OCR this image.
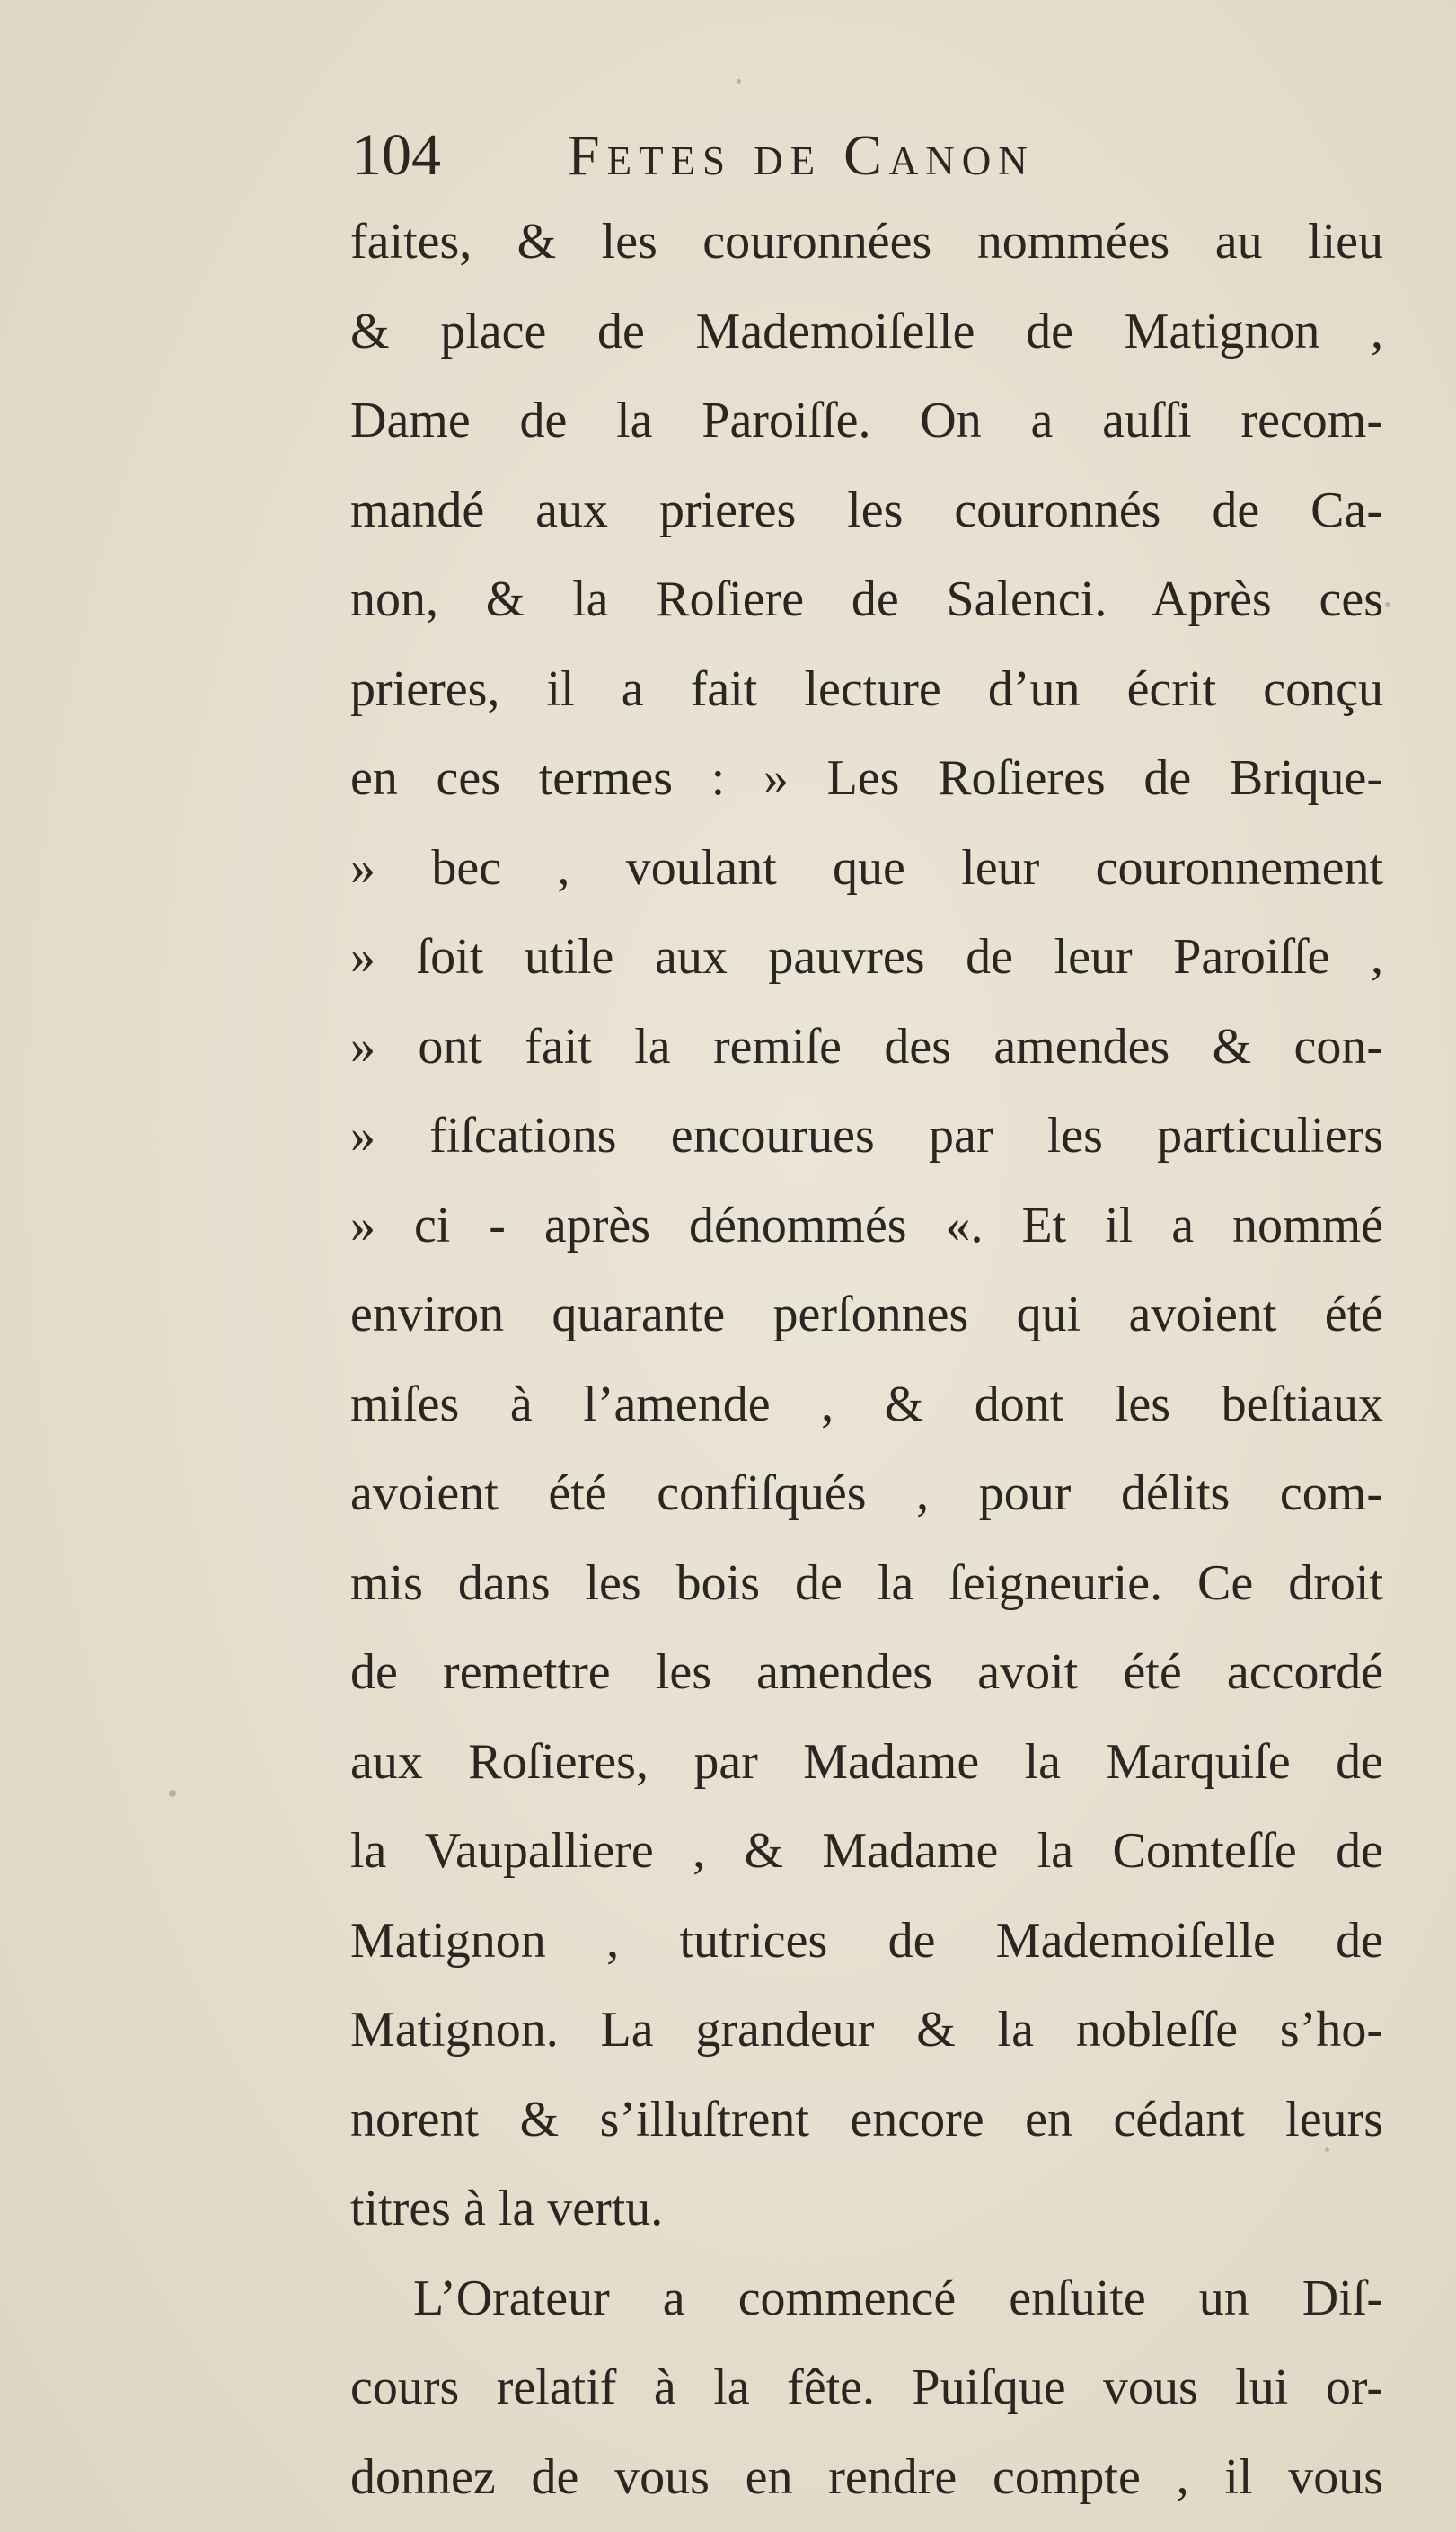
104 Fetes de Canon
faites, & les couronnées nommées au lieu
& place de Mademoiſelle de Matignon ,
Dame de la Paroiſſe. On a auſſi recom-
mandé aux prieres les couronnés de Ca-
non, & la Roſiere de Salenci. Après ces
prieres, il a fait lecture d’un écrit conçu
en ces termes : » Les Roſieres de Brique-
» bec , voulant que leur couronnement
» ſoit utile aux pauvres de leur Paroiſſe ,
» ont fait la remiſe des amendes & con-
» fiſcations encourues par les particuliers
» ci - après dénommés «. Et il a nommé
environ quarante perſonnes qui avoient été
miſes à l’amende , & dont les beſtiaux
avoient été confiſqués , pour délits com-
mis dans les bois de la ſeigneurie. Ce droit
de remettre les amendes avoit été accordé
aux Roſieres, par Madame la Marquiſe de
la Vaupalliere , & Madame la Comteſſe de
Matignon , tutrices de Mademoiſelle de
Matignon. La grandeur & la nobleſſe s’ho-
norent & s’illuſtrent encore en cédant leurs
titres à la vertu.
L’Orateur a commencé enſuite un Diſ-
cours relatif à la fête. Puiſque vous lui or-
donnez de vous en rendre compte , il vous
